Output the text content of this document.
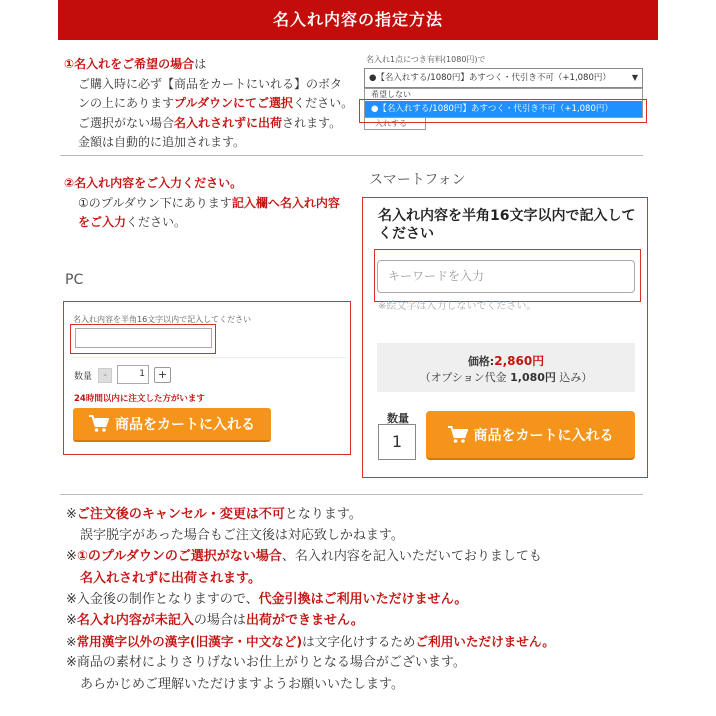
名入れ内容の指定方法
①名入れをご希望の場合は
ご購入時に必ず【商品をカートにいれる】のボタ
ンの上にありますプルダウンにてご選択ください。
ご選択がない場合名入れされずに出荷されます。
金額は自動的に追加されます。
名入れ1点につき有料(1080円)で
●【名入れする/1080円】あすつく・代引き不可（+1,080円）	▼
希望しない
●【名入れする/1080円】あすつく・代引き不可（+1,080円）
入れする
②名入れ内容をご入力ください。
①のプルダウン下にあります記入欄へ名入れ内容
をご入力ください。
スマートフォン
PC
名入れ内容を半角16文字以内で記入してください
数量	-	1	+
24時間以内に注文した方がいます
商品をカートに入れる
名入れ内容を半角16文字以内で記入してください
キーワードを入力
※絵文字は入力しないでください。
価格:2,860円
（オプション代金 1,080円 込み）
数量
1	商品をカートに入れる
※ご注文後のキャンセル・変更は不可となります。
誤字脱字があった場合もご注文後は対応致しかねます。
※①のプルダウンのご選択がない場合、名入れ内容を記入いただいておりましても
名入れされずに出荷されます。
※入金後の制作となりますので、代金引換はご利用いただけません。
※名入れ内容が未記入の場合は出荷ができません。
※常用漢字以外の漢字(旧漢字・中文など)は文字化けするためご利用いただけません。
※商品の素材によりさりげないお仕上がりとなる場合がございます。
あらかじめご理解いただけますようお願いいたします。
